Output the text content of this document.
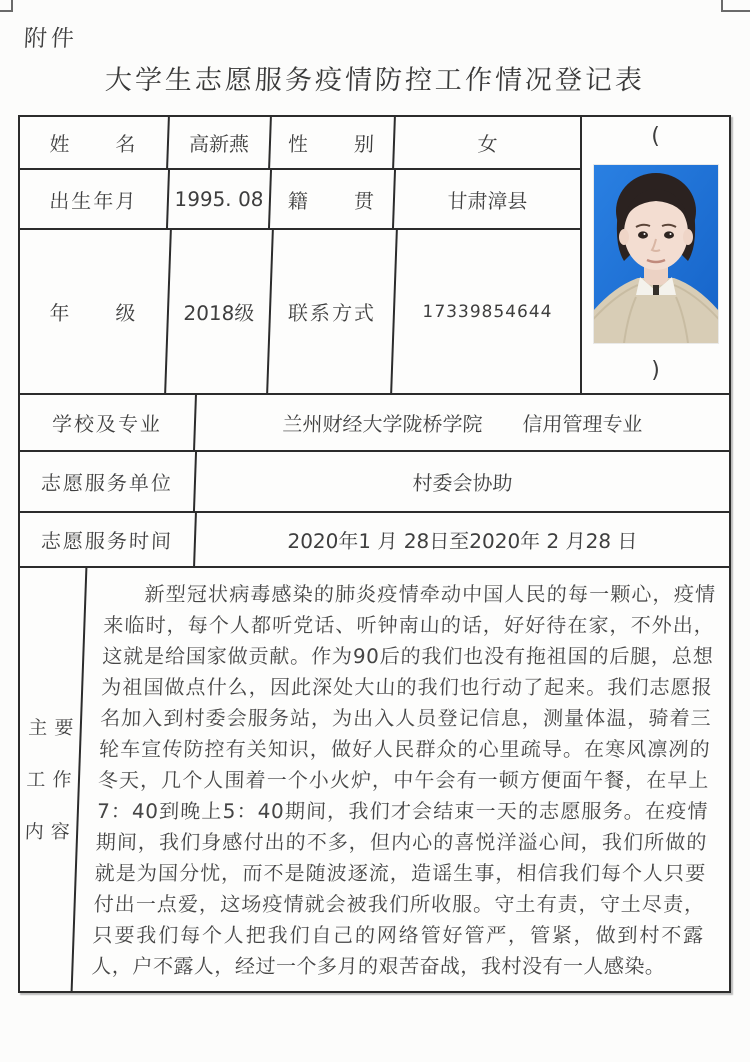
附件
大学生志愿服务疫情防控工作情况登记表
姓　　名	高新燕	性　　别	女
出生年月	1995. 08	籍　　贯	甘肃漳县
年　　级	2018级	联系方式	17339854644
(
)
学校及专业	兰州财经大学陇桥学院　　信用管理专业
志愿服务单位	村委会协助
志愿服务时间	2020年1 月 28日至2020年 2 月28 日
主要
工作
内容

新型冠状病毒感染的肺炎疫情牵动中国人民的每一颗心，疫情来临时，每个人都听党话、听钟南山的话，好好待在家，不外出，这就是给国家做贡献。作为90后的我们也没有拖祖国的后腿，总想为祖国做点什么，因此深处大山的我们也行动了起来。我们志愿报名加入到村委会服务站，为出入人员登记信息，测量体温，骑着三轮车宣传防控有关知识，做好人民群众的心里疏导。在寒风凛冽的冬天，几个人围着一个小火炉，中午会有一顿方便面午餐，在早上7：40到晚上5：40期间，我们才会结束一天的志愿服务。在疫情期间，我们身感付出的不多，但内心的喜悦洋溢心间，我们所做的就是为国分忧，而不是随波逐流，造谣生事，相信我们每个人只要付出一点爱，这场疫情就会被我们所收服。守土有责，守土尽责，只要我们每个人把我们自己的网络管好管严，管紧，做到村不露人，户不露人，经过一个多月的艰苦奋战，我村没有一人感染。
